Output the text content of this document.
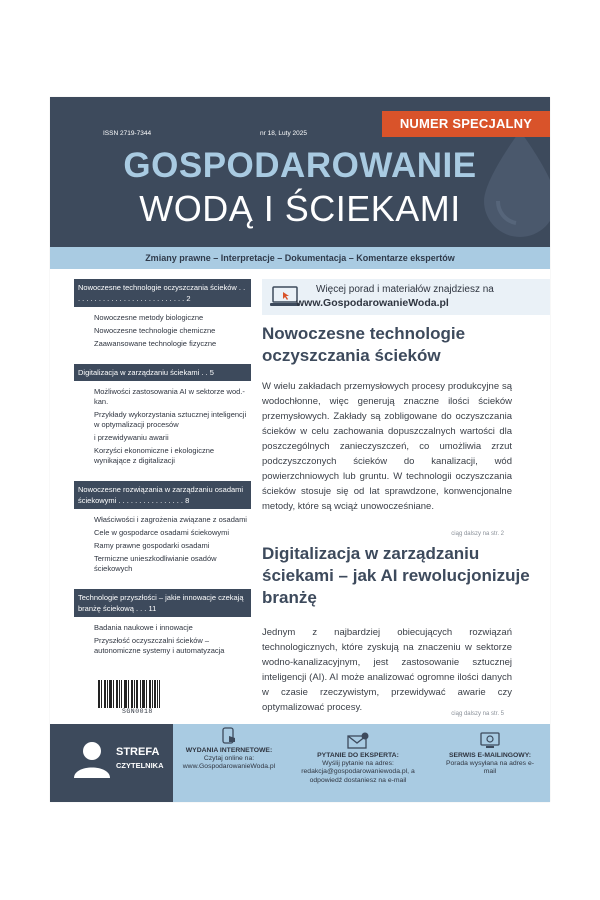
ISSN 2719-7344	nr 18, Luty 2025
NUMER SPECJALNY
GOSPODAROWANIE
WODĄ I ŚCIEKAMI
Zmiany prawne – Interpretacje – Dokumentacja – Komentarze ekspertów
Nowoczesne technologie oczyszczania ścieków . . . . . . . . . . . . . . . . . . . . . . . . . . . . 2
Nowoczesne metody biologiczne
Nowoczesne technologie chemiczne
Zaawansowane technologie fizyczne
Digitalizacja w zarządzaniu ściekami . . 5
Możliwości zastosowania AI w sektorze wod.-kan.
Przykłady wykorzystania sztucznej inteligencji w optymalizacji procesów
i przewidywaniu awarii
Korzyści ekonomiczne i ekologiczne wynikające z digitalizacji
Nowoczesne rozwiązania w zarządzaniu osadami ściekowymi . . . . . . . . . . . . . . . . 8
Właściwości i zagrożenia związane z osadami
Cele w gospodarce osadami ściekowymi
Ramy prawne gospodarki osadami
Termiczne unieszkodliwianie osadów ściekowych
Technologie przyszłości – jakie innowacje czekają branżę ściekową . . . 11
Badania naukowe i innowacje
Przyszłość oczyszczalni ścieków – autonomiczne systemy i automatyzacja
SGN0018
Więcej porad i materiałów znajdziesz na
www.GospodarowanieWoda.pl
Nowoczesne technologie oczyszczania ścieków
W wielu zakładach przemysłowych procesy produkcyjne są wodochłonne, więc generują znaczne ilości ścieków przemysłowych. Zakłady są zobligowane do oczyszczania ścieków w celu zachowania dopuszczalnych wartości dla poszczególnych zanieczyszczeń, co umożliwia zrzut podczyszczonych ścieków do kanalizacji, wód powierzchniowych lub gruntu. W technologii oczyszczania ścieków stosuje się od lat sprawdzone, konwencjonalne metody, które są wciąż unowocześniane.
ciąg dalszy na str. 2
Digitalizacja w zarządzaniu ściekami – jak AI rewolucjonizuje branżę
Jednym z najbardziej obiecujących rozwiązań technologicznych, które zyskują na znaczeniu w sektorze wodno-kanalizacyjnym, jest zastosowanie sztucznej inteligencji (AI). AI może analizować ogromne ilości danych w czasie rzeczywistym, przewidywać awarie czy optymalizować procesy.
ciąg dalszy na str. 5
STREFA
CZYTELNIKA
WYDANIA INTERNETOWE:
Czytaj online na: www.GospodarowanieWoda.pl
PYTANIE DO EKSPERTA:
Wyślij pytanie na adres: redakcja@gospodarowaniewoda.pl, a odpowiedź dostaniesz na e-mail
SERWIS E-MAILINGOWY:
Porada wysyłana na adres e-mail
